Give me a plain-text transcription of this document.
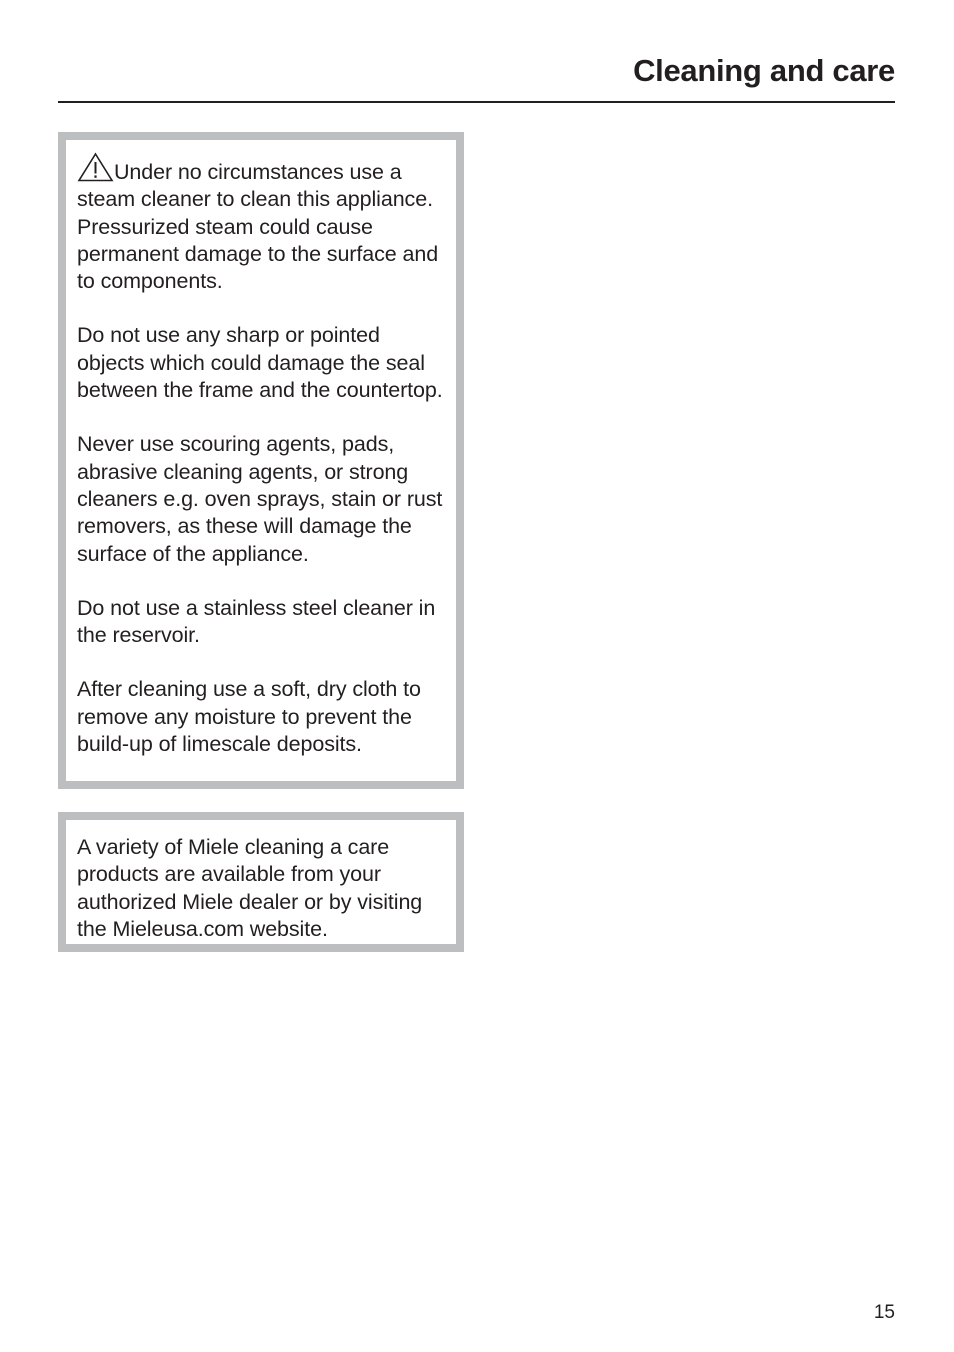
Cleaning and care

Under no circumstances use a steam cleaner to clean this appliance. Pressurized steam could cause permanent damage to the surface and to components.

Do not use any sharp or pointed objects which could damage the seal between the frame and the countertop.

Never use scouring agents, pads, abrasive cleaning agents, or strong cleaners e.g. oven sprays, stain or rust removers, as these will damage the surface of the appliance.

Do not use a stainless steel cleaner in the reservoir.

After cleaning use a soft, dry cloth to remove any moisture to prevent the build-up of limescale deposits.

A variety of Miele cleaning a care products are available from your authorized Miele dealer or by visiting the Mieleusa.com website.

15
